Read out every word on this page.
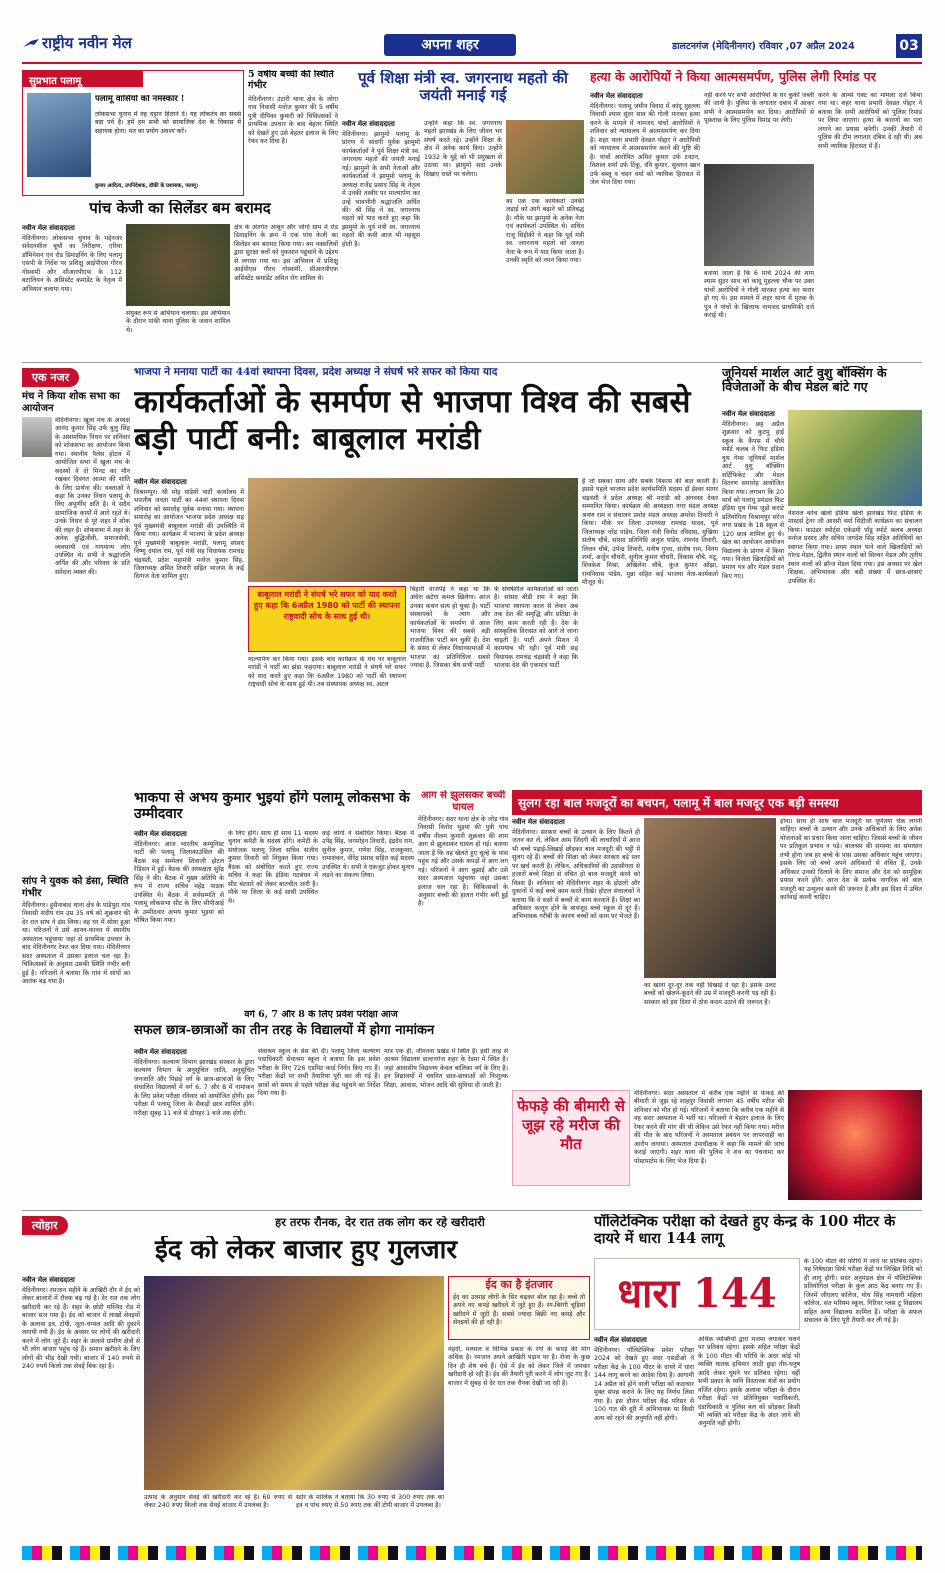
राष्ट्रीय नवीन मेल	अपना शहर	डालटनगंज (मेदिनीनगर) रविवार ,07 अप्रैल 2024	03
सुप्रभात पलामू
पलामू वासियों को नमस्कार !
लोकसभा चुनाव में वह चट्टान हिलाने दें। यह लोकतंत्र का सबसे बड़ा पर्व है। हमें हम सभी को सामाजिक देश के विकास में सहायक होना। मत का प्रयोग अवश्य करें।
कुमार आदित्य, उपनिदेशक, डॉकी के प्रशासक, पलामू।
5 वर्षीय बच्ची की स्थिति गंभीर
मेदिनीनगर। उंटारी थाना क्षेत्र के जोगा गाव निवासी मनोज कुमार की 5 वर्षीय पुत्री दीपिका कुमारी को चिकित्सकों ने प्राथमिक उपचार के बाद बेहतर स्थिति को देखते हुए उसे बेहतर इलाज के लिए रेफर कर दिया है।
पूर्व शिक्षा मंत्री स्व. जगरनाथ महतो की जयंती मनाई गई
नवीन मेल संवाददाता
मेदिनीनगर। झामुमो पलामू के प्रांगण में सादगी पूर्वक झामुमो कार्यकर्ताओं ने पूर्व शिक्षा मंत्री स्व. जगरनाथ महतो की जयंती मनाई गई। झामुमो के सभी नेताओं और कार्यकर्ताओं ने झामुमो पलामू के अध्यक्ष राजेंद्र प्रसाद सिंह के नेतृत्व में उनकी तस्वीर पर माल्यार्पण कर उन्हें भावभीनी श्रद्धांजलि अर्पित की। श्री सिंह ने स्व. जगरनाथ महतो को याद करते हुए कहा कि झामुमो के पूर्व मंत्री स्व. जगरनाथ महतो की कमी आज भी महसूस होती है।
उन्होंने कहा कि स्व. जगरनाथ महतो झारखंड के लिए जीवन भर संघर्ष करते रहे। उन्होंने शिक्षा के क्षेत्र में अनेक कार्य किए। उन्होंने 1932 के मुद्दे को भी प्रमुखता से उठाया था। झामुमो सदा उनके दिखाए रास्ते पर चलेगा।
का एक एक कार्यकर्ता उनकी लड़ाई को आगे बढ़ाने को प्रतिबद्ध है। मौके पर झामुमो के अनेक नेता एवं कार्यकर्ता उपस्थित थे। सचिव राजू सिद्दीकी ने कहा कि पूर्व मंत्री स्व. जगरनाथ महतो को जनता नेता के रूप में याद किया जाता है। उनकी स्मृति को नमन किया गया।
हत्या के आरोपियों ने किया आत्मसमर्पण, पुलिस लेगी रिमांड पर
नवीन मेल संवाददाता
मेदिनीनगर। पलामू जमीन विवाद में कांदू मुहल्ला निवासी श्याम सुंदर साव की गोली मारकर हत्या करने के मामले में नामजद पांचों आरोपियों ने शनिवार को न्यायालय में आत्मसमर्पण कर दिया है। शहर थाना प्रभारी देवव्रत पोद्दार ने आरोपियों को न्यायालय में आत्मसमर्पण करने की पुष्टि की है। पांचों आरोपित अमित कुमार उर्फ टनटन, विशाल शर्मा उर्फ टिंकू, रवि कुमार, सुल्तान खान उर्फ बब्लू व चंदन वर्मा को न्यायिक हिरासत में जेल भेज दिया गया।
नहीं करने पर सभी आरोपियों के घर कुर्की जब्ती की जानी है। पुलिस के लगातार दबाव में आकर सभी ने आत्मसमर्पण कर दिया। आरोपियों से पूछताछ के लिए पुलिस रिमांड पर लेगी।
बताया जाता है कि 6 मार्च 2024 की शाम श्याम सुंदर साव को कांदू मुहल्ला चौक पर उक्त पांचों आरोपियों ने गोली मारकर हत्या कर फरार हो गए थे। इस मामले में शहर थाना में मृतक के पुत्र ने पांचों के खिलाफ नामजद प्राथमिकी दर्ज कराई थी।
करने के आर्म्स एक्ट का मामला दर्ज किया गया था। शहर थाना प्रभारी देवव्रत पोद्दार ने बताया कि सभी आरोपियों को पुलिस रिमांड पर लिया जाएगा। हत्या के कारणों का पता लगाने का प्रयास करेगी। उनकी तैयारी में पुलिस की टीम लगातार दबिश दे रही थी। अब सभी न्यायिक हिरासत में हैं।
पांच केजी का सिलेंडर बम बरामद
नवीन मेल संवाददाता
मेदिनीनगर। लोकसभा चुनाव के मद्देनजर संवेदनशील बूथों का निरीक्षण, एरिया डॉमिनेशन एवं रोड डिमाइनिंग के लिए पलामू एसपी के निर्देश पर प्रशिक्षु आईपीएस गौरव गोस्वामी और सीआरपीएफ के 112 बटालियन के असिस्टेंट कमांडेंट के नेतृत्व में अभियान चलाया गया।
संयुक्त रूप से अभियान चलाया। इस अभियान के दौरान पांकी थाना पुलिस के जवान शामिल थे।
क्षेत्र के अंतर्गत आबून और जोगो ग्राम में रोड डिमाइनिंग के क्रम में एक पांच केजी का सिलेंडर बम बरामद किया गया। बम नक्सलियों द्वारा सुरक्षा बलों को नुकसान पहुंचाने के उद्देश्य से लगाया गया था। इस अभियान में प्रशिक्षु आईपीएस गौरव गोस्वामी, सीआरपीएफ असिस्टेंट कमांडेंट अमित रोग शामिल थे।
एक नजर
मंच ने किया शोक सभा का आयोजन
मेदिनीनगर। खुला मंच के अध्यक्ष आनंद कुमार सिंह उर्फ बुलु सिंह के असामयिक निधन पर शनिवार को शोकसभा का आयोजन किया गया। स्थानीय पैलेस होटल में आयोजित सभा में खुला मंच के सदस्यों ने दो मिनट का मौन रखकर दिवंगत आत्मा की शांति के लिए प्रार्थना की। वक्ताओं ने कहा कि उनका निधन पलामू के लिए अपूर्णीय क्षति है। वे सदैव सामाजिक कार्यों में आगे रहते थे। उनके निधन से पूरे शहर में शोक की लहर है। शोकसभा में शहर के अनेक बुद्धिजीवी, समाजसेवी, व्यवसायी एवं गणमान्य लोग उपस्थित थे। सभी ने श्रद्धांजलि अर्पित की और परिवार के प्रति संवेदना व्यक्त की।
सांप ने युवक को डंसा, स्थिति गंभीर
मेदिनीनगर। हुसैनाबाद थाना क्षेत्र के पांडेपुरा गांव निवासी संदीप राम उम्र 35 वर्ष को शुक्रवार की देर रात सांप ने डंस लिया। वह घर में सोया हुआ था। परिजनों ने उसे आनन-फानन में स्थानीय अस्पताल पहुंचाया जहां से प्राथमिक उपचार के बाद मेदिनीनगर रेफर कर दिया गया। मेदिनीनगर सदर अस्पताल में उसका इलाज चल रहा है। चिकित्सकों के अनुसार उसकी स्थिति गंभीर बनी हुई है। परिजनों ने बताया कि गांव में सांपों का आतंक बढ़ गया है।
भाजपा ने मनाया पार्टी का 44वां स्थापना दिवस, प्रदेश अध्यक्ष ने संघर्ष भरे सफर को किया याद
कार्यकर्ताओं के समर्पण से भाजपा विश्व की सबसे बड़ी पार्टी बनी: बाबूलाल मरांडी
नवीन मेल संवाददाता
विश्रामपुर। श्री मोइ पांडेयों पार्टी कार्यालय में भारतीय जनता पार्टी का 44वां स्थापना दिवस शनिवार को समारोह पूर्वक मनाया गया। स्थापना समारोह का आयोजन भाजपा प्रदेश अध्यक्ष सह पूर्व मुख्यमंत्री बाबूलाल मरांडी की उपस्थिति में किया गया। कार्यक्रम में भाजपा के प्रदेश अध्यक्ष पूर्व मुख्यमंत्री बाबूलाल मरांडी, पलामू सांसद विष्णु दयाल राम, पूर्व मंत्री सह विधायक रामचंद्र चंद्रवंशी, प्रदेश महामंत्री मनोज कुमार सिंह, जिलाध्यक्ष अमित तिवारी सहित भाजपा के कई दिग्गज नेता शामिल हुए।
बाबूलाल मरांडी ने संघर्ष भरे सफर को याद करते हुए कहा कि 6अप्रैल 1980 को पार्टी की स्थापना राष्ट्रवादी सोच के साथ हुई थी।
माल्यार्पण कर किया गया। इसके बाद कार्यक्रम के मंच पर बाबूलाल मरांडी ने पार्टी का झंडा फहराया। बाबूलाल मरांडी ने संघर्ष भरे सफर को याद करते हुए कहा कि 6अप्रैल 1980 को पार्टी की स्थापना राष्ट्रवादी सोच के साथ हुई थी। तब संस्थापक अध्यक्ष स्व. अटल
बिहारी वाजपेई ने कहा था कि अंधेरा छंटेगा कमल खिलेगा। आज उनका कथन सत्य हो चुका है। पार्टी संस्थापकों के त्याग और कार्यकर्ताओं के समर्पण से आज भाजपा विश्व की सबसे बड़ी राजनीतिक पार्टी बन चुकी है। देश के संसद से लेकर विधानसभाओं में भाजपा का प्रतिनिधित्व सबसे ज्यादा है, जिसका श्रेय सभी पार्टी
के संघर्षशील कार्यकर्ताओं को जाता है। सांसद बीडी राम ने कहा कि भाजपा स्थापना काल से लेकर अब तक देश की समृद्धि और प्रतिष्ठा के लिए काम करती रही है। देश के सांस्कृतिक विरासत को आगे ले जाना चाहती है। पार्टी अपने मिशन में कामयाब भी रही। पूर्व मंत्री सह विधायक रामचंद्र चंद्रवंशी ने कहा कि भाजपा देश की एकमात्र पार्टी
है जो सबका साथ और सबके विकास की बात करती है। इससे पहले भाजपा प्रदेश कार्यसमिति सदस्य डॉ ईश्वर सागर चंद्रवंशी ने प्रदेश अध्यक्ष श्री मरांडी को अंगवस्त्र देकर सम्मानित किया। कार्यक्रम की अध्यक्षता नगर मंडल अध्यक्ष श्रवण राम व संचालन प्रमोद मंडल अध्यक्ष अमरेश तिवारी ने किया। मौके पर जिला उपाध्यक्ष रामचंद्र यादव, पूर्व जिलाध्यक्ष नरेंद्र पांडेय, जिला मंत्री विनोद रविदास, मुखिया संतोष चौबे, सांसद प्रतिनिधि अनुज पांडेय, रामनंद तिवारी, लिलन चौबे, उपेन्द्र तिवारी, मनीष गुप्ता, संतोष राम, विनय शर्मा, अर्जुन चौधरी, सुनील कुमार चौधरी, विकास चौबे, मंटू, शिवकेश मिश्रा, अखिलेश चौबे, कुंज कुमार ओझा, रामनिवास पांडेय, मुन्ना सहित कई भाजपा नेता-कार्यकर्ता मौजूद थे।
जूनियर्स मार्शल आर्ट वुशु बॉक्सिंग के विजेताओं के बीच मेडल बांटे गए
नवीन मेल संवाददाता
मेदिनीनगर। छह अप्रैल शुक्रवार को कुटमु हाई स्कूल के कैंपस में चौथे स्पोर्ट कलब ने फिट इंडिया यूथ गेम्स जूनियर्स मार्शल आर्ट वुशु बॉक्सिंग सर्टिफिकेट और मेडल वितरण समारोह आयोजित किया गया। लगभग कि 20 मार्च को पलामू प्रमंडल फिट इंडिया यूथ गेम्स जूडो कराटे प्रतियोगिता विश्रामपुर सरेज नगर प्रखंड के 18 स्कूल से 120 छात्र शामिल हुए थे। खेल का आयोजन आयोजन विद्यालय के प्रांगण में किया गया। विजेता खिलाड़ियों को प्रमाण पत्र और मेडल प्रदान किए गए।
नेशनल कोच खेलो इंडिया खेलो झारखंड फिट इंडिया के मास्टर्स ट्रेनर जी आरसी वर्मा सिटीजी कार्यक्रम का संचालन किया। फाउंडर स्पोर्ट्स एकेडमी पाँडू स्पोर्ट कलब अध्यक्ष मनोज प्रसाद और सचिव जगदेश सिंह सहित अतिथियों का स्वागत किया गया। प्रथम स्थान पाने वाले खिलाड़ियों को गोल्ड मेडल, द्वितीय स्थान वालों को सिल्वर मेडल और तृतीय स्थान वालों को ब्रॉन्ज मेडल दिया गया। इस अवसर पर खेल शिक्षक, अभिभावक और बड़ी संख्या में छात्र-छात्राएं उपस्थित थे।
भाकपा से अभय कुमार भुइयां होंगे पलामू लोकसभा के उम्मीदवार
नवीन मेल संवाददाता
मेदिनीनगर। आज भारतीय कम्युनिस्ट पार्टी की पलामू जिलाकाउंसिल की बैठक सह सम्मेलन शिवाजी होटल रेडिसन में हुई। बैठक की अध्यक्षता सुरेंद्र सिंह ने की। बैठक में मुख्य अतिथि के रूप में राज्य सचिव महेंद्र पाठक उपस्थित थे। बैठक में सर्वसम्मति से पलामू लोकसभा सीट के लिए सीपीआई के उम्मीदवार अभय कुमार भुइयां को घोषित किया गया।
के लिए होंगे। साथ ही साथ 11 सदस्य चुनाव कमेटी के सदस्य होंगे। कमेटी के संयोजक पलामू जिला सचिव संजीव कुमार तिवारी को नियुक्त किया गया। बैठक को संबोधित करते हुए राज्य सचिव ने कहा कि इंडिया गठबंधन में सीट बंटवारे को लेकर बातचीत जारी है। मौके पर जिला के कई साथी उपस्थित थे।
कई लोगों ने संबोधित किया। बैठक में उपेंद्र सिंह, जगमोहन तिवारी, इंद्रदेव राम, सुनील कुमार, गणेश सिंह, राजकुमार, रामाशंकर, वीरेंद्र प्रसाद सहित कई सदस्य उपस्थित थे। सभी ने एकजुट होकर चुनाव लड़ने का संकल्प लिया।
आग से झुलसकर बच्ची घायल
मेदिनीनगर। सदर थाना क्षेत्र के जोड़ गांव निवासी विनोद भुइयां की पुत्री पांच वर्षीय नीलम कुमारी शुक्रवार की शाम आग से झुलसकर घायल हो गई। बताया जाता है कि वह खेलते हुए चूल्हे के पास पहुंच गई और उसके कपड़ों में आग लग गई। परिजनों ने आग बुझाई और उसे सदर अस्पताल पहुंचाया जहां उसका इलाज चल रहा है। चिकित्सकों के अनुसार बच्ची की हालत गंभीर बनी हुई है।
वर्ग 6, 7 और 8 के लिए प्रवेश परीक्षा आज
सफल छात्र-छात्राओं का तीन तरह के विद्यालयों में होगा नामांकन
नवीन मेल संवाददाता
मेदिनीनगर। कल्याण विभाग झारखंड सरकार के द्वारा कल्याण विभाग के अनुसूचित जाति, अनुसूचित जनजाति और पिछड़े वर्ग के छात्र-छात्राओं के लिए संचालित विद्यालयों में वर्ग 6, 7 और 8 में नामांकन के लिए प्रवेश परीक्षा रविवार को आयोजित होगी। इस परीक्षा में पलामू जिला के सैकड़ों छात्र शामिल होंगे। परीक्षा सुबह 11 बजे से दोपहर 1 बजे तक होगी।
सेवाश्रम स्कूल के प्रेस की दी। पलामू जिला कल्याण पदाधिकारी सेवाश्रम स्कूल ने बताया कि इस प्रवेश परीक्षा के लिए 726 एडमिट कार्ड निर्गत किए गए हैं। परीक्षा केंद्रों पर सभी तैयारियां पूरी कर ली गई हैं। छात्रों को समय से पहले परीक्षा केंद्र पहुंचने का निर्देश दिया गया है।
मात्र एक ही, जीमनवा प्रखंड में स्थित है। इसी तरह से आश्रम विद्यालय डाल्टनगंज शहर के रेडमा में स्थित है। जहां आवासीय विद्यालय केवल बालिका वर्ग के लिए है। इन विद्यालयों में चयनित छात्र-छात्राओं को निःशुल्क शिक्षा, आवास, भोजन आदि की सुविधा दी जाती है।
सुलग रहा बाल मजदूरों का बचपन, पलामू में बाल मजदूर एक बड़ी समस्या
नवीन मेल संवाददाता
मेदिनीनगर। सरकार बच्चों के उत्थान के लिए कितने ही जतन कर लें, लेकिन आम जिंदगी की लाचारियों में आज भी बच्चे पढ़ाई-लिखाई छोड़कर बाल मजदूरी की भट्ठी में सुलग रहे हैं। बच्चों की शिक्षा को लेकर सरकार बड़े स्तर पर खर्च करती है। लेकिन, अधिकारियों की उदासीनता से हजारों बच्चे शिक्षा से वंचित हो बाल मजदूरी करने को विवश हैं। शनिवार को मेदिनीनगर शहर के होटलों और दुकानों में कई बच्चे काम करते दिखे। होटल संचालकों ने बताया कि वे सस्ते में बच्चों से काम करवाते हैं। शिक्षा का अधिकार कानून होने के बावजूद बच्चे स्कूल से दूर हैं। अभिभावक गरीबी के कारण बच्चों को काम पर भेजते हैं।
का खाना दूर-दूर तक नहीं दिखाई दे रहा है। इसके उलट बच्चों को खेलने-कूदने की उम्र में मजदूरी करनी पड़ रही है। सरकार को इस दिशा में ठोस कदम उठाने की जरूरत है।
होना। साथ ही साथ बाल मजदूरी पर पूर्णतया रोक लगनी चाहिए। बच्चों के उत्थान और उनके अधिकारों के लिए अनेक योजनाओं का प्रचार किया जाना चाहिए। जिससे बच्चों के जीवन पर प्रतिकूल प्रभाव न पड़े। बालश्रम की समस्या का समाधान तभी होगा जब हर बच्चे के पास उसका अधिकार पहुंच जाएगा। इसके लिए जो बच्चे अपने अधिकारों से वंचित हैं, उनके अधिकार उनको दिलाने के लिए समाज और देश को सामूहिक प्रयास करने होंगे। आज देश के प्रत्येक नागरिक को बाल मजदूरी का उन्मूलन करने की जरूरत है और इस दिशा में उचित कार्रवाई करनी चाहिए।
फेफड़े की बीमारी से जूझ रहे मरीज की मौत
मेदिनीनगर। सदर अस्पताल में करीब एक महीने से फेफड़े की बीमारी से जूझ रहे शाहपुर निवासी लगभग 45 वर्षीय मरीज की शनिवार को मौत हो गई। परिजनों ने बताया कि करीब एक महीने से वह सदर अस्पताल में भर्ती था। परिजनों ने बेहतर इलाज के लिए रेफर करने की मांग की थी लेकिन उसे रेफर नहीं किया गया। मरीज की मौत के बाद परिजनों ने अस्पताल प्रबंधन पर लापरवाही का आरोप लगाया। अस्पताल उपाधीक्षक ने कहा कि मामले की जांच कराई जाएगी। शहर थाना की पुलिस ने शव का पंचनामा कर पोस्टमार्टम के लिए भेज दिया है।
त्योहार	हर तरफ रौनक, देर रात तक लोग कर रहे खरीदारी
ईद को लेकर बाजार हुए गुलजार
नवीन मेल संवाददाता
मेदिनीनगर। रमजान महीने के आखिरी दौर में ईद को लेकर बाजारों में रौनक बढ़ गई है। देर रात तक लोग खरीदारी कर रहे हैं। शहर के छोटी मस्जिद रोड में बाजार सज गया है। ईद को बाजार में लाखों सेवइयों के अलावा इत्र, टोपी, जूता-चप्पल आदि की दुकानें लगायी गयी हैं। ईद के अवसर पर लोगों की खरीदारी करने में लोग जुटे हैं। शहर के अलावे ग्रामीण क्षेत्रों से भी लोग बाजार पहुंच रहे हैं। समान खरीदने के लिए लोगों की भीड़ देखी गयी। बाजार में 140 रुपये से 240 रुपये किलो तक सेवई बिक रहा है।
उत्पाद के अनुसार सेवई की खरीदारी कर रहे हैं। 60 रुपए से लेकर 240 रुपए किलो तक सेवई बाजार में उपलब्ध है।
स्टोर के मालिक ने बताया कि 30 रुपए से 300 रुपए तक का इत्र व पांच रुपए से 50 रुपए तक की टोपी बाजार में उपलब्ध है।
ईद का है इंतजार
ईद का उत्साह लोगों के सिर चढ़कर बोल रहा है। बच्चे तो अपने नए कपड़े खरीदने में जुटे हुए हैं। रंग-बिरंगी चूड़ियां खरीदने में जुटी हैं। सबसे ज्यादा बिक्री नए कपड़े और सेवइयों की हो रही है।
मेहंदी, मलमल व विभिन्न प्रकार के रंगों के कपड़े की मांग अधिक है। रमजान अपने आखिरी पड़ाव पर है। रोजा के कुछ दिन ही शेष बचे हैं। ऐसे में ईद को लेकर जिले में जमकर खरीदारी हो रही है। ईद की तैयारी पूरी करने में लोग जुट गए हैं। बाजार में सुबह से देर रात तक रौनक देखी जा रही है।
पॉलिटेक्निक परीक्षा को देखते हुए केन्द्र के 100 मीटर के दायरे में धारा 144 लागू
धारा 144
नवीन मेल संवाददाता
मेदिनीनगर। पॉलिटेक्निक प्रवेश परीक्षा 2024 को देखते हुए सदर एसडीओ ने परीक्षा केंद्र के 100 मीटर के दायरे में धारा 144 लागू करने का आदेश दिया है। आगामी 14 अप्रैल को होने वाली परीक्षा को कदाचार मुक्त संपन्न कराने के लिए यह निर्णय लिया गया है। इस दौरान परीक्षा केंद्र परिसर से 100 गज की दूरी में अभिभावक या किसी अन्य को रहने की अनुमति नहीं होगी।
अधिक व्यक्तियों द्वारा मजमा लगाकर चलने पर प्रतिबंध रहेगा। इसके सहित परीक्षा केंद्रों के 100 मीटर की परिधि के अंदर कोई भी व्यक्ति घातक हथियार लाठी छुड़ा तीर-धनुष आदि लेकर घूमने पर प्रतिबंध रहेगा। वहीं सभी प्रकार के ध्वनि विस्तारक यंत्रों का प्रयोग वर्जित रहेगा। इसके अलावा परीक्षा के दौरान परीक्षा केंद्रों पर प्रतिनियुक्त पदाधिकारी, दंडाधिकारी व पुलिस बल को छोड़कर किसी भी व्यक्ति को परीक्षा केंद्र के अंदर जाने की अनुमति नहीं होगी।
के 100 मीटर की परिधि में जाने पर प्रतिबंध रहेगा। यह निषेधाज्ञा सिर्फ परीक्षा केंद्रों पर लिखित तिथि को ही लागू होगी। सदर अनुमंडल क्षेत्र में पॉलिटेक्निक प्रतियोगिता परीक्षा के कुल आठ केंद्र बनाए गए हैं। जिनमें जीएलए कॉलेज, योध सिंह नामधारी महिला कॉलेज, संत मरियम स्कूल, गिरिवर प्लस टू विद्यालय सहित अन्य विद्यालय शामिल हैं। परीक्षा के सफल संचालन के लिए पूरी तैयारी कर ली गई है।
